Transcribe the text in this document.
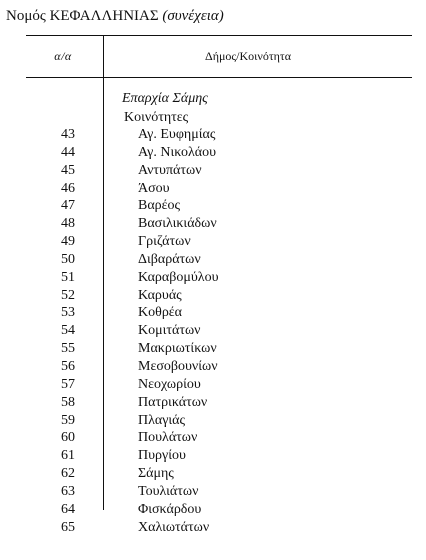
Νομός ΚΕΦΑΛΛΗΝΙΑΣ (συνέχεια)
α/α	Δήμος/Κοινότητα
Επαρχία Σάμης
Κοινότητες
43	Αγ. Ευφημίας
44	Αγ. Νικολάου
45	Αντυπάτων
46	Άσου
47	Βαρέος
48	Βασιλικιάδων
49	Γριζάτων
50	Διβαράτων
51	Καραβομύλου
52	Καρυάς
53	Κοθρέα
54	Κομιτάτων
55	Μακριωτίκων
56	Μεσοβουνίων
57	Νεοχωρίου
58	Πατρικάτων
59	Πλαγιάς
60	Πουλάτων
61	Πυργίου
62	Σάμης
63	Τουλιάτων
64	Φισκάρδου
65	Χαλιωτάτων
